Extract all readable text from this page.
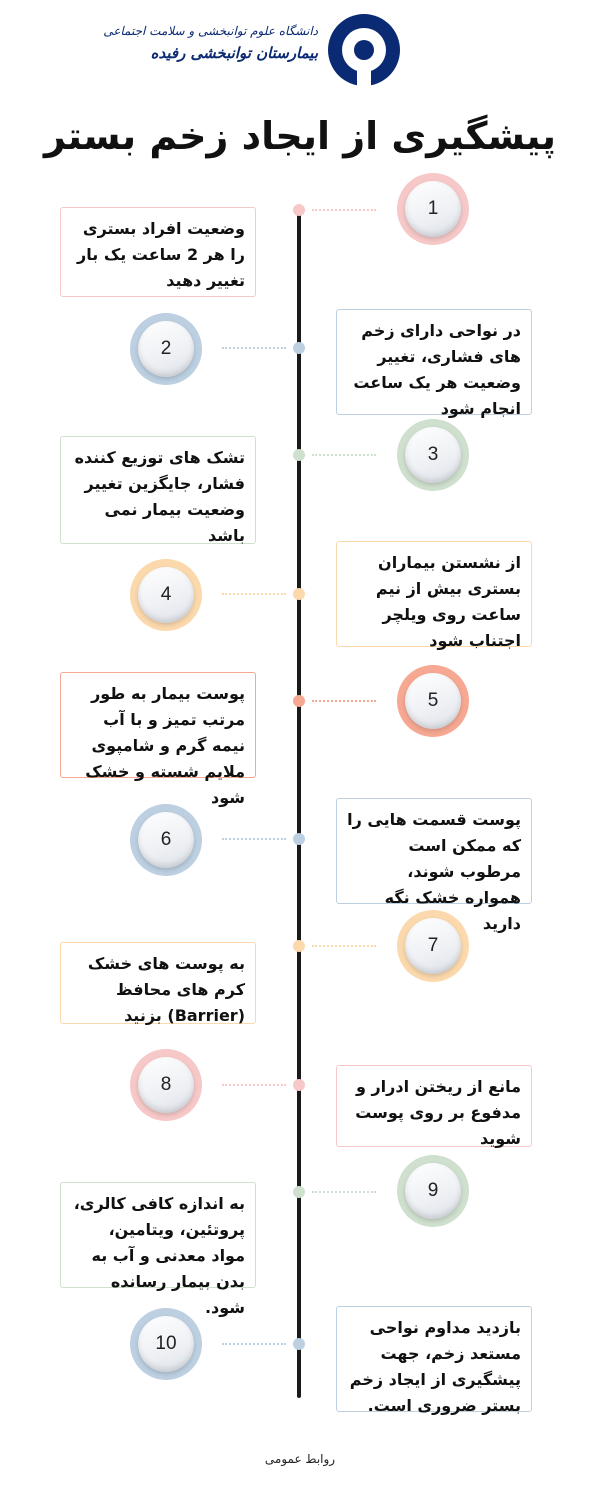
دانشگاه علوم توانبخشی و سلامت اجتماعی
بیمارستان توانبخشی رفیده
پیشگیری از ایجاد زخم بستر
1
وضعیت افراد بستری را هر 2 ساعت یک بار تغییر دهید
2
در نواحی دارای زخم های فشاری، تغییر وضعیت هر یک ساعت انجام شود
3
تشک های توزیع کننده فشار، جایگزین تغییر وضعیت بیمار نمی باشد
4
از نشستن بیماران بستری بیش از نیم ساعت روی ویلچر اجتناب شود
5
پوست بیمار به طور مرتب تمیز و با آب نیمه گرم و شامپوی ملایم شسته و خشک شود
6
پوست قسمت هایی را که ممکن است مرطوب شوند، همواره خشک نگه دارید
7
به پوست های خشک کرم های محافظ (Barrier) بزنید
8	مانع از ریختن ادرار و مدفوع بر روی پوست شوید
9
به اندازه کافی کالری، پروتئین، ویتامین، مواد معدنی و آب به بدن بیمار رسانده شود.
10
بازدید مداوم نواحی مستعد زخم، جهت پیشگیری از ایجاد زخم بستر ضروری است.
روابط عمومی
